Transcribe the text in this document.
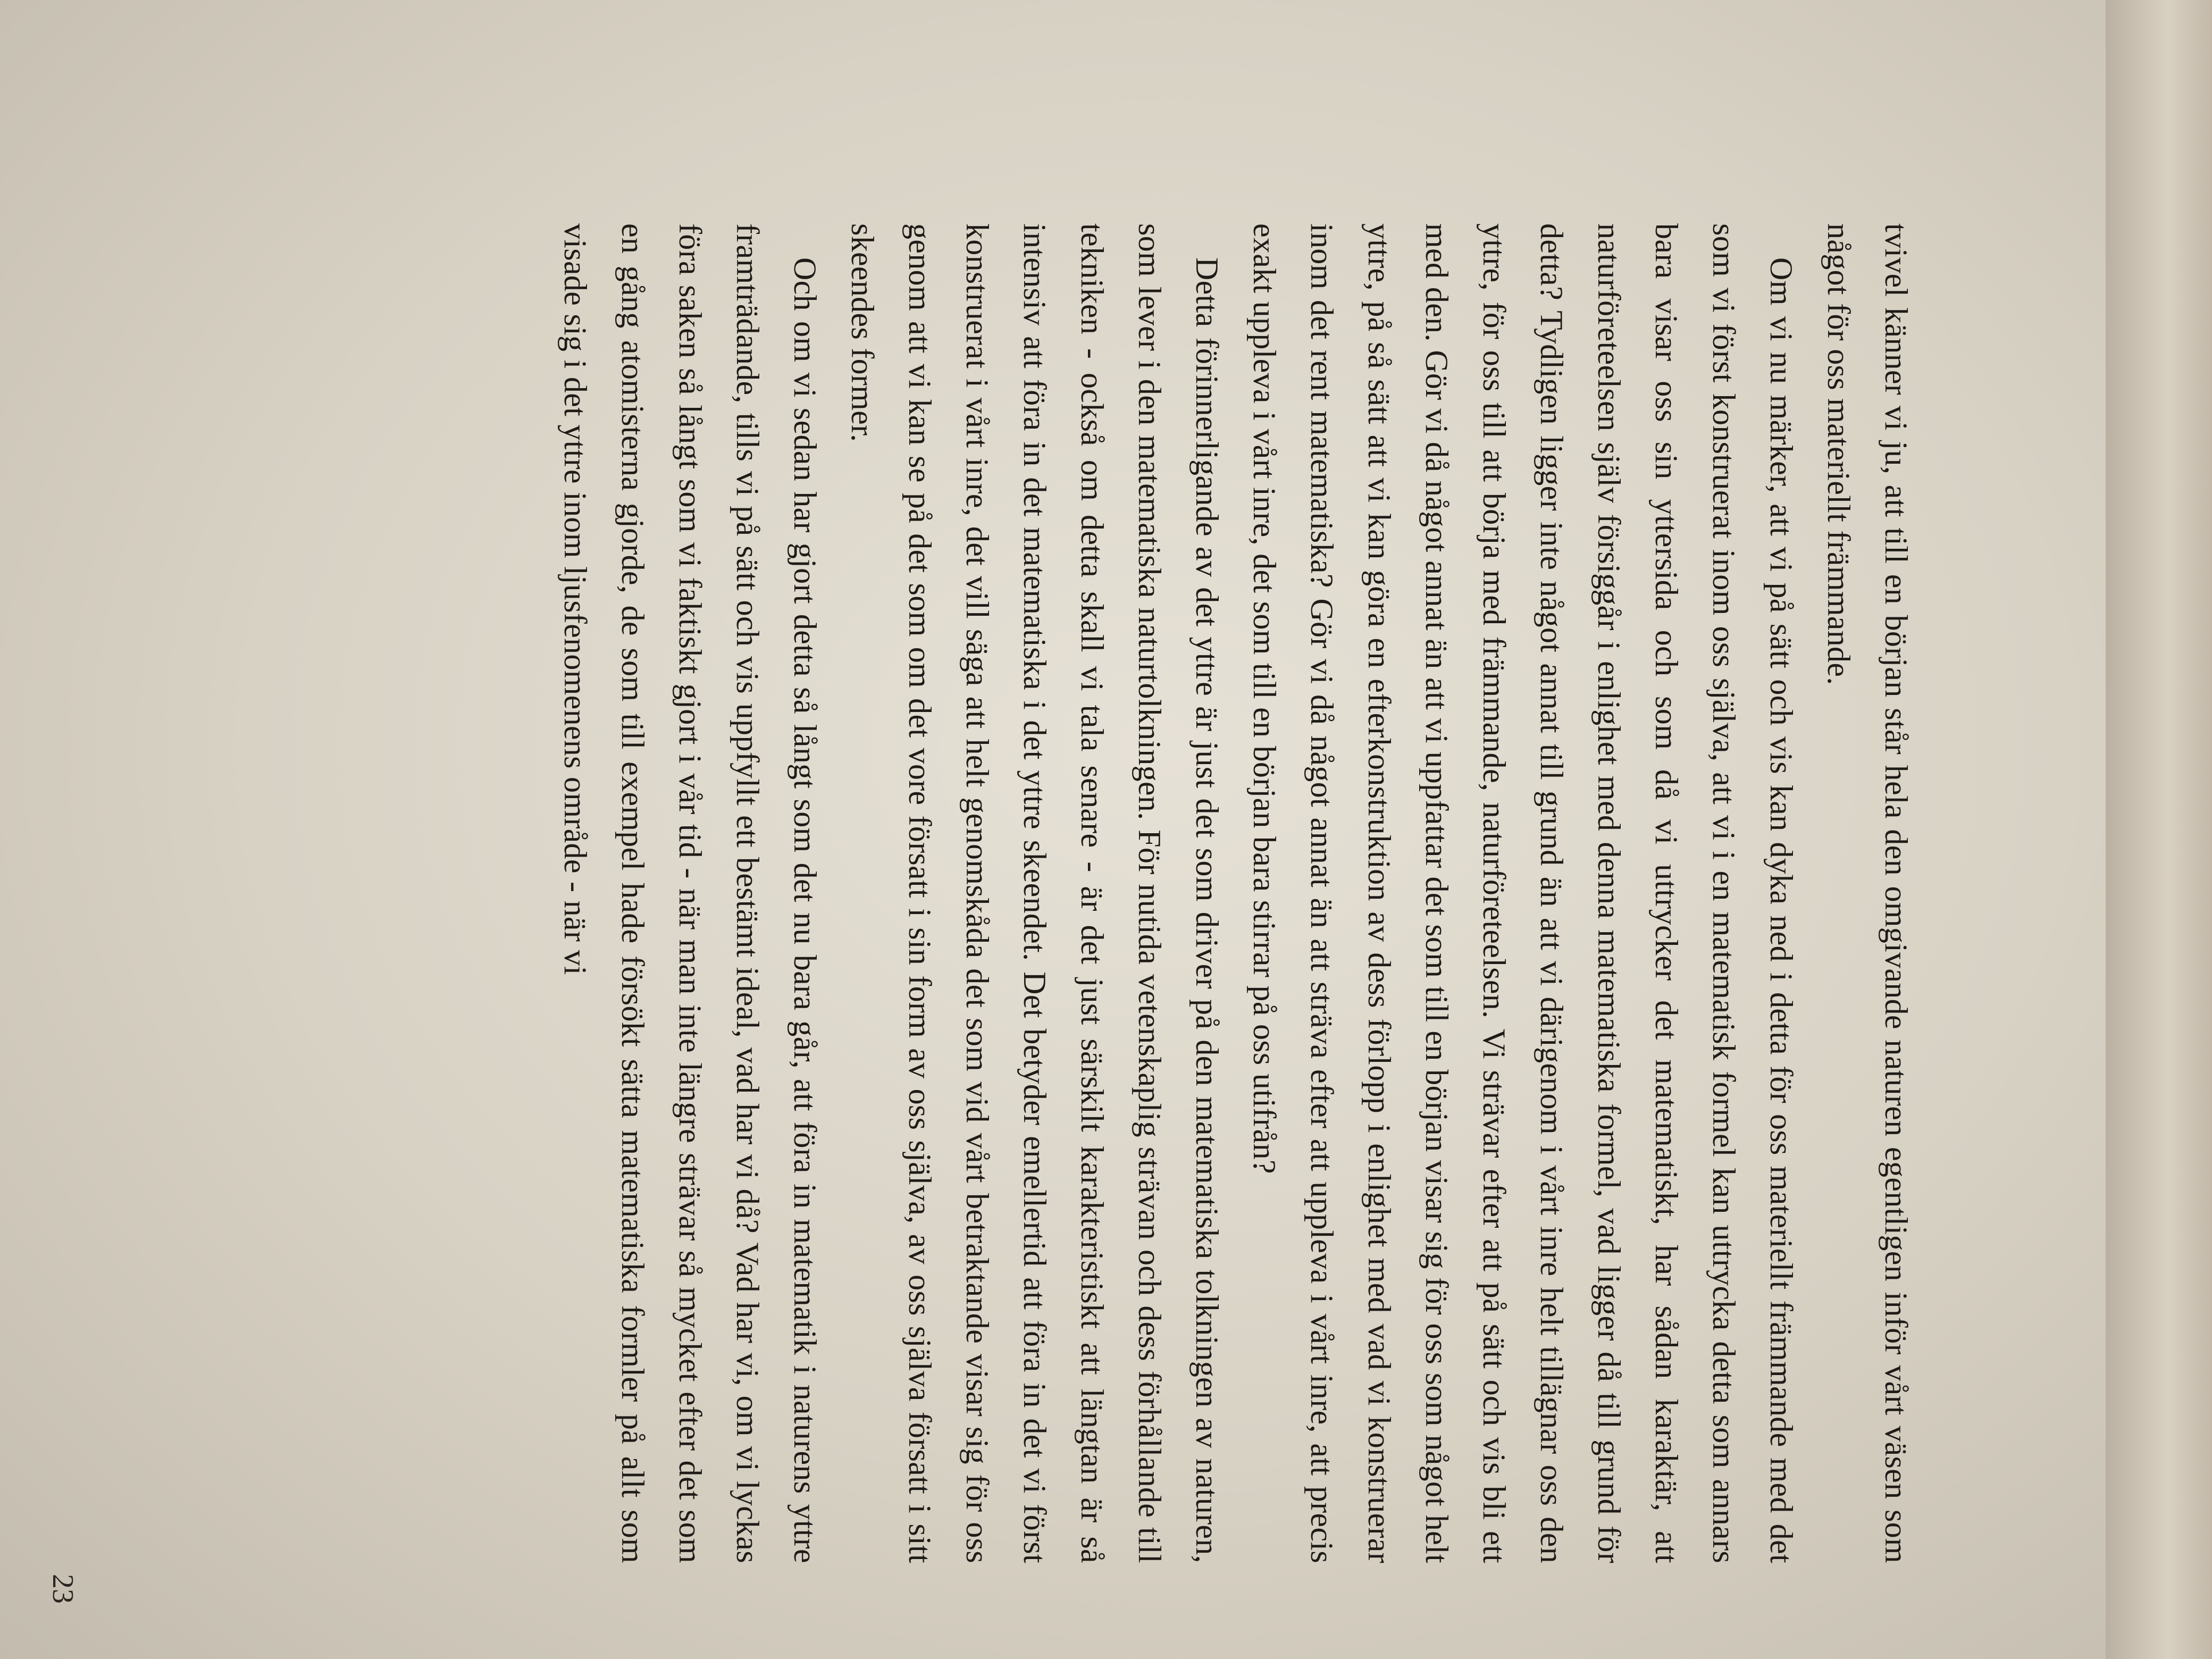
tvivel känner vi ju, att till en början står hela den omgivande naturen egentligen inför vårt väsen som något för oss materiellt främmande.

Om vi nu märker, att vi på sätt och vis kan dyka ned i detta för oss materiellt främmande med det som vi först konstruerat inom oss själva, att vi i en matematisk formel kan uttrycka detta som annars bara visar oss sin yttersida och som då vi uttrycker det matematiskt, har sådan karaktär, att naturföreteelsen själv försiggår i enlighet med denna matematiska formel, vad ligger då till grund för detta? Tydligen ligger inte något annat till grund än att vi därigenom i vårt inre helt tillägnar oss den yttre, för oss till att börja med främmande, naturföreteelsen. Vi strävar efter att på sätt och vis bli ett med den. Gör vi då något annat än att vi uppfattar det som till en början visar sig för oss som något helt yttre, på så sätt att vi kan göra en efterkonstruktion av dess förlopp i enlighet med vad vi konstruerar inom det rent matematiska? Gör vi då något annat än att sträva efter att uppleva i vårt inre, att precis exakt uppleva i vårt inre, det som till en början bara stirrar på oss utifrån?

Detta förinnerligande av det yttre är just det som driver på den matematiska tolkningen av naturen, som lever i den matematiska naturtolkningen. För nutida vetenskaplig strävan och dess förhållande till tekniken - också om detta skall vi tala senare - är det just särskilt karakteristiskt att längtan är så intensiv att föra in det matematiska i det yttre skeendet. Det betyder emellertid att föra in det vi först konstruerat i vårt inre, det vill säga att helt genomskåda det som vid vårt betraktande visar sig för oss genom att vi kan se på det som om det vore försatt i sin form av oss själva, av oss själva försatt i sitt skeendes former.

Och om vi sedan har gjort detta så långt som det nu bara går, att föra in matematik i naturens yttre framträdande, tills vi på sätt och vis uppfyllt ett bestämt ideal, vad har vi då? Vad har vi, om vi lyckas föra saken så långt som vi faktiskt gjort i vår tid - när man inte längre strävar så mycket efter det som en gång atomisterna gjorde, de som till exempel hade försökt sätta matematiska formler på allt som visade sig i det yttre inom ljusfenomenens område - när vi

23
